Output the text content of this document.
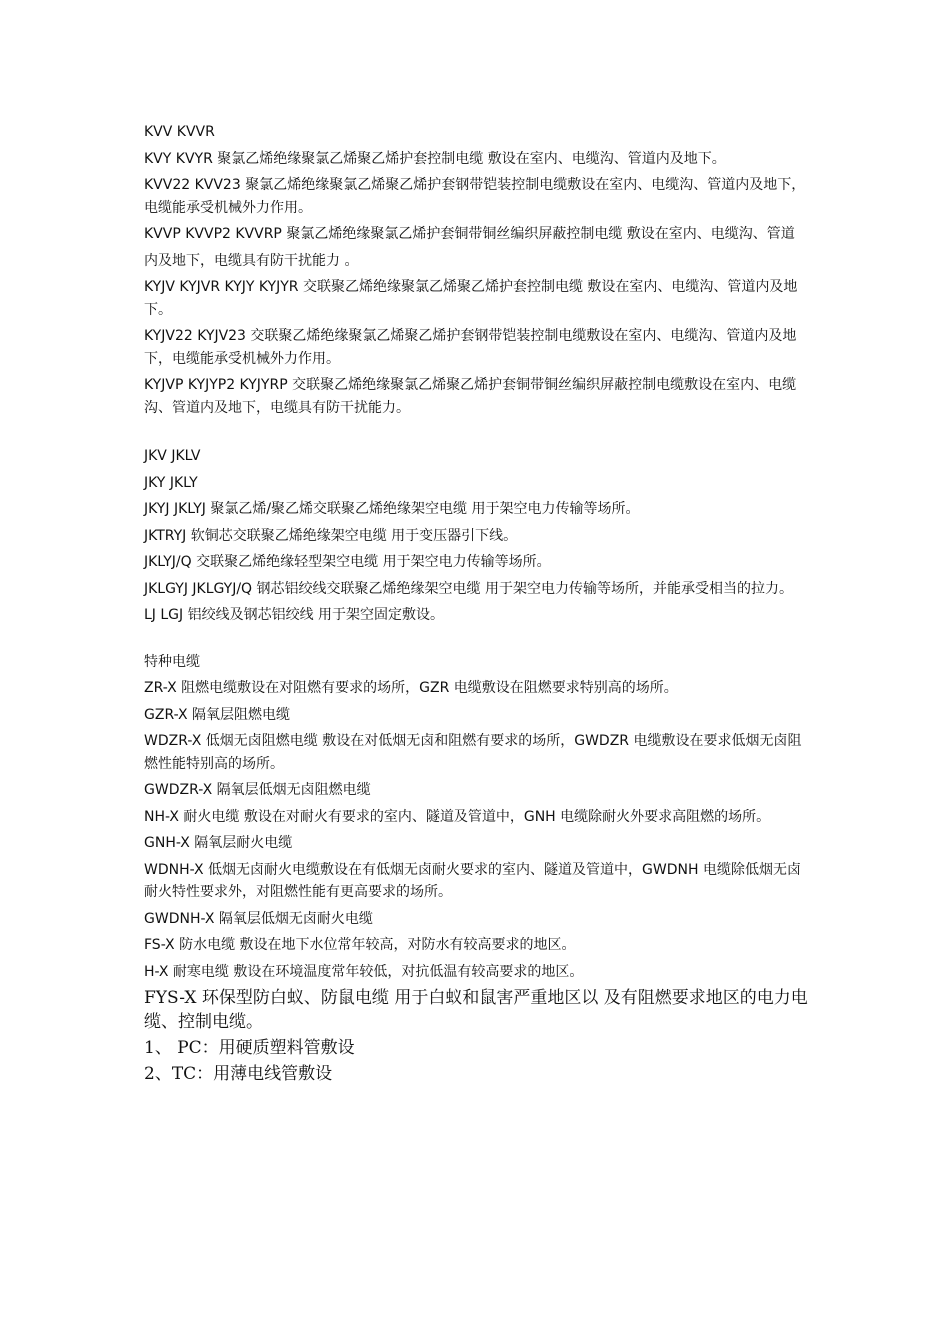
KVV KVVR

KVY KVYR 聚氯乙烯绝缘聚氯乙烯聚乙烯护套控制电缆 敷设在室内、电缆沟、管道内及地下。

KVV22 KVV23 聚氯乙烯绝缘聚氯乙烯聚乙烯护套钢带铠装控制电缆敷设在室内、电缆沟、管道内及地下，电缆能承受机械外力作用。

KVVP KVVP2 KVVRP 聚氯乙烯绝缘聚氯乙烯护套铜带铜丝编织屏蔽控制电缆 敷设在室内、电缆沟、管道

内及地下，电缆具有防干扰能力 。

KYJV KYJVR KYJY KYJYR 交联聚乙烯绝缘聚氯乙烯聚乙烯护套控制电缆 敷设在室内、电缆沟、管道内及地下。

KYJV22 KYJV23 交联聚乙烯绝缘聚氯乙烯聚乙烯护套钢带铠装控制电缆敷设在室内、电缆沟、管道内及地下，电缆能承受机械外力作用。

KYJVP KYJYP2 KYJYRP 交联聚乙烯绝缘聚氯乙烯聚乙烯护套铜带铜丝编织屏蔽控制电缆敷设在室内、电缆沟、管道内及地下，电缆具有防干扰能力。

JKV JKLV

JKY JKLY

JKYJ JKLYJ 聚氯乙烯/聚乙烯交联聚乙烯绝缘架空电缆 用于架空电力传输等场所。

JKTRYJ 软铜芯交联聚乙烯绝缘架空电缆 用于变压器引下线。

JKLYJ/Q 交联聚乙烯绝缘轻型架空电缆 用于架空电力传输等场所。

JKLGYJ JKLGYJ/Q 钢芯铝绞线交联聚乙烯绝缘架空电缆 用于架空电力传输等场所，并能承受相当的拉力。

LJ LGJ 铝绞线及钢芯铝绞线 用于架空固定敷设。

特种电缆

ZR-X 阻燃电缆敷设在对阻燃有要求的场所，GZR 电缆敷设在阻燃要求特别高的场所。

GZR-X 隔氧层阻燃电缆

WDZR-X 低烟无卤阻燃电缆 敷设在对低烟无卤和阻燃有要求的场所，GWDZR 电缆敷设在要求低烟无卤阻燃性能特别高的场所。

GWDZR-X 隔氧层低烟无卤阻燃电缆

NH-X 耐火电缆 敷设在对耐火有要求的室内、隧道及管道中，GNH 电缆除耐火外要求高阻燃的场所。

GNH-X 隔氧层耐火电缆

WDNH-X 低烟无卤耐火电缆敷设在有低烟无卤耐火要求的室内、隧道及管道中，GWDNH 电缆除低烟无卤耐火特性要求外，对阻燃性能有更高要求的场所。

GWDNH-X 隔氧层低烟无卤耐火电缆

FS-X 防水电缆 敷设在地下水位常年较高，对防水有较高要求的地区。

H-X 耐寒电缆 敷设在环境温度常年较低，对抗低温有较高要求的地区。

FYS-X 环保型防白蚁、防鼠电缆 用于白蚁和鼠害严重地区以 及有阻燃要求地区的电力电缆、控制电缆。

1、 PC：用硬质塑料管敷设

2、TC：用薄电线管敷设
